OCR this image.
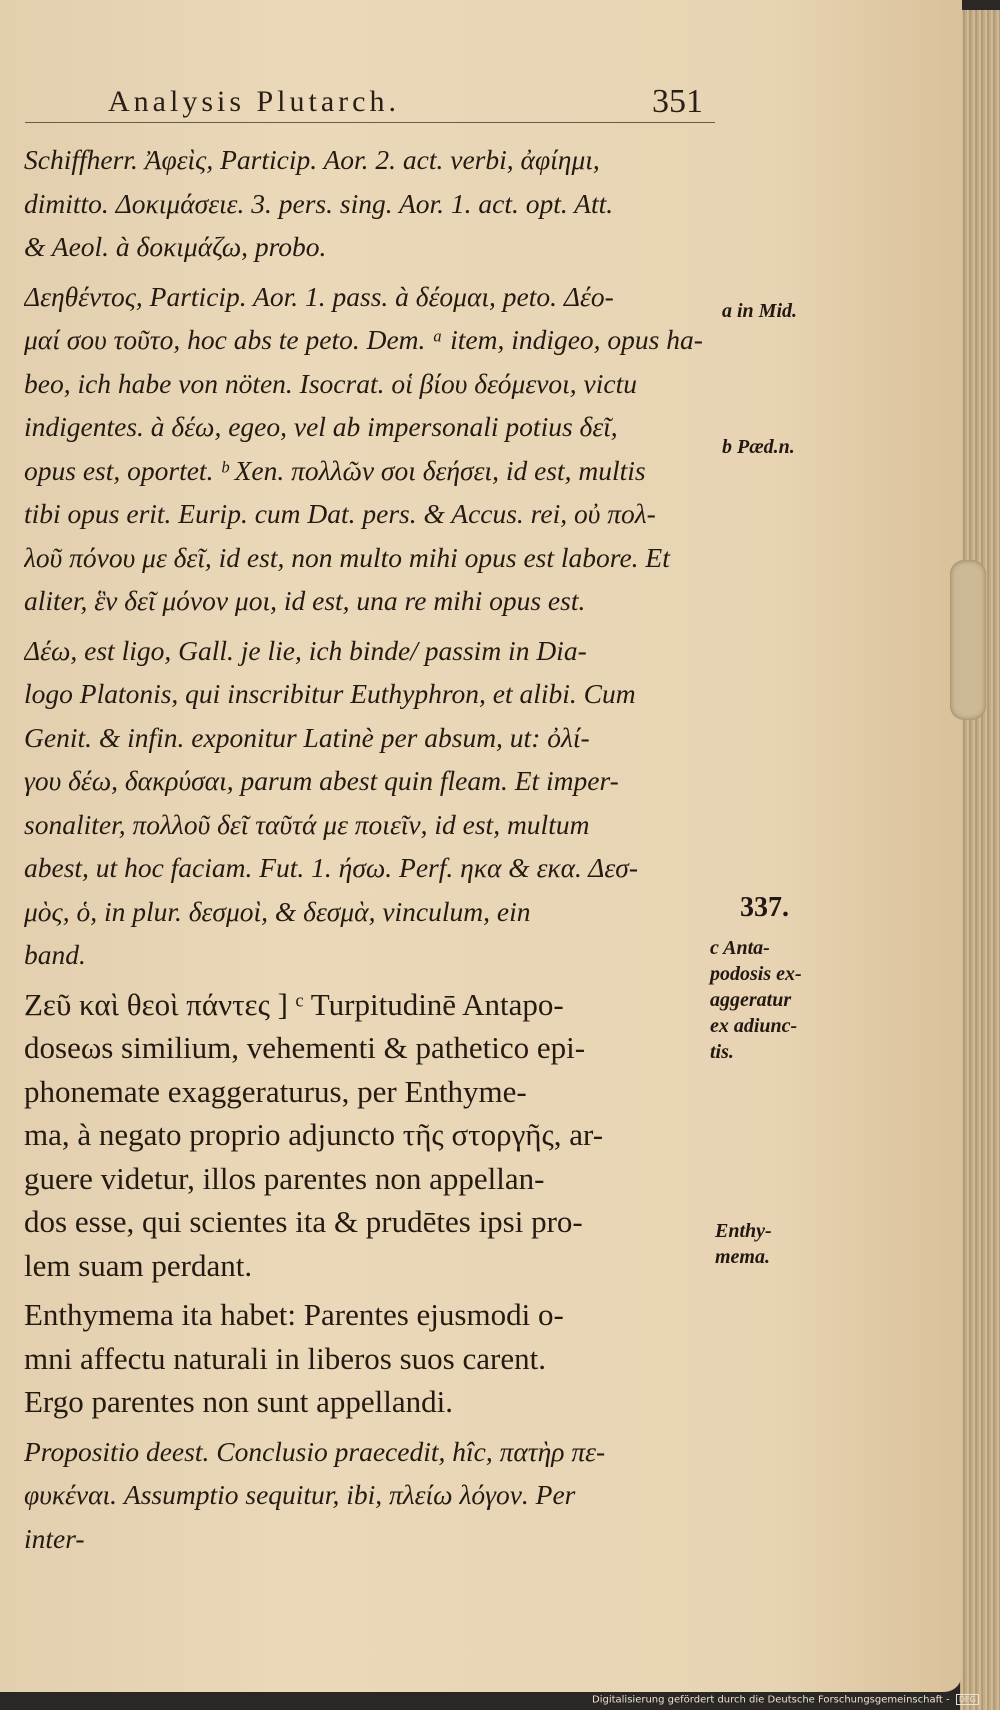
Analysis Plutarch.	351
Schiffherr. Ἀφεὶς, Particip. Aor. 2. act. verbi, ἀφίημι,
dimitto. Δοκιμάσειε. 3. pers. sing. Aor. 1. act. opt. Att.
& Aeol. à δοκιμάζω, probo.
Δεηθέντος, Particip. Aor. 1. pass. à δέομαι, peto. Δέο-
μαί σου τοῦτο, hoc abs te peto. Dem. ᵃ item, indigeo, opus ha-
beo, ich habe von nöten. Isocrat. οἱ βίου δεόμενοι, victu
indigentes. à δέω, egeo, vel ab impersonali potius δεῖ,
opus est, oportet. ᵇ Xen. πολλῶν σοι δεήσει, id est, multis
tibi opus erit. Eurip. cum Dat. pers. & Accus. rei, οὐ πολ-
λοῦ πόνου με δεῖ, id est, non multo mihi opus est labore. Et
aliter, ἓν δεῖ μόνον μοι, id est, una re mihi opus est.
Δέω, est ligo, Gall. je lie, ich binde/ passim in Dia-
logo Platonis, qui inscribitur Euthyphron, et alibi. Cum
Genit. & infin. exponitur Latinè per absum, ut: ὀλί-
γου δέω, δακρύσαι, parum abest quin fleam. Et imper-
sonaliter, πολλοῦ δεῖ ταῦτά με ποιεῖν, id est, multum
abest, ut hoc faciam. Fut. 1. ήσω. Perf. ηκα & εκα. Δεσ-
μὸς, ὁ, in plur. δεσμοὶ, & δεσμὰ, vinculum, ein
band.
Ζεῦ καὶ θεοὶ πάντες ] ᶜ Turpitudinē Antapo-
doseωs similium, vehementi & pathetico epi-
phonemate exaggeraturus, per Enthyme-
ma, à negato proprio adjuncto τῆς στοργῆς, ar-
guere videtur, illos parentes non appellan-
dos esse, qui scientes ita & prudētes ipsi pro-
lem suam perdant.
Enthymema ita habet: Parentes ejusmodi o-
mni affectu naturali in liberos suos carent.
Ergo parentes non sunt appellandi.
Propositio deest. Conclusio praecedit, hîc, πατὴρ πε-
φυκέναι. Assumptio sequitur, ibi, πλείω λόγον. Per
inter-
a in Mid.
b Pæd.n.
337.
c Anta-
podosis ex-
aggeratur
ex adiunc-
tis.
Enthy-
mema.
Digitalisierung gefördert durch die Deutsche Forschungsgemeinschaft - DFG
